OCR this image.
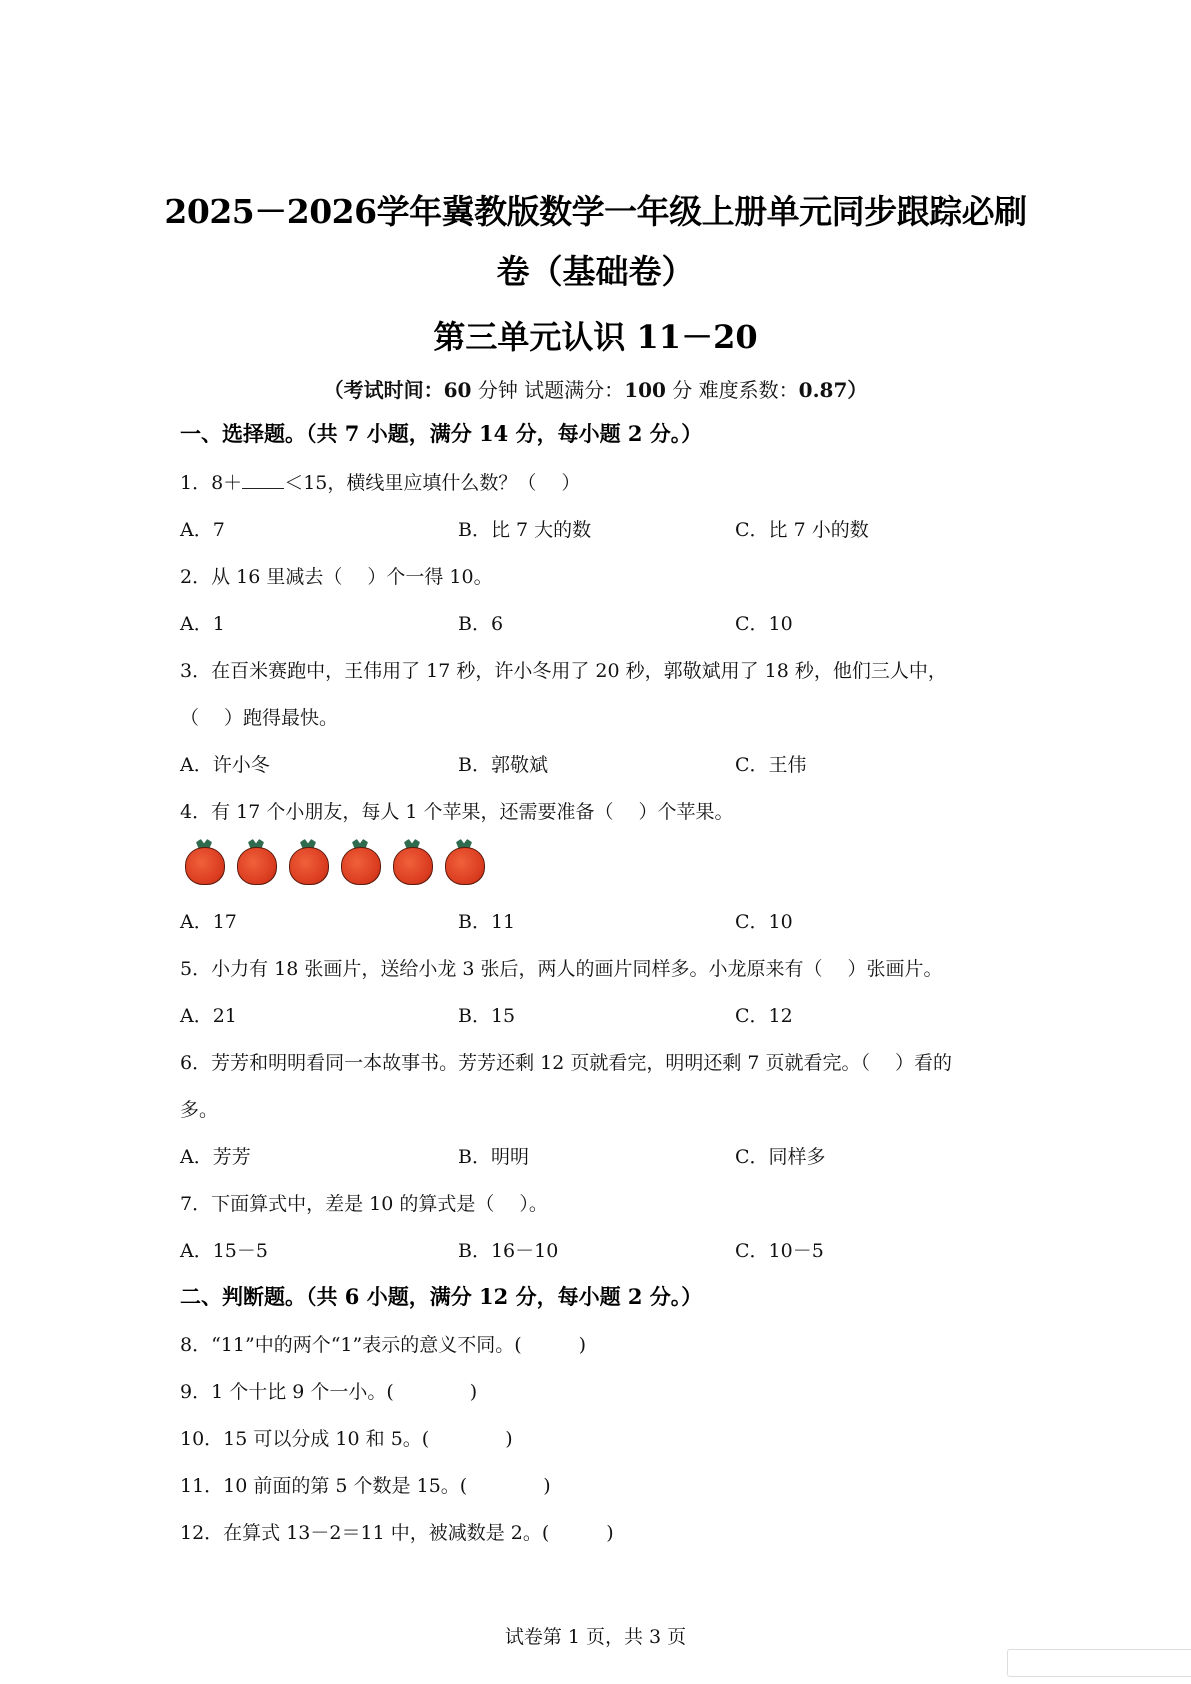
2025－2026学年冀教版数学一年级上册单元同步跟踪必刷
卷（基础卷）
第三单元认识 11－20
（考试时间：60 分钟 试题满分：100 分 难度系数：0.87）
一、选择题。（共 7 小题，满分 14 分，每小题 2 分。）
1．8＋ ＜15，横线里应填什么数？（　 ）
A．7	B．比 7 大的数	C．比 7 小的数
2．从 16 里减去（　 ）个一得 10。
A．1	B．6	C．10
3．在百米赛跑中，王伟用了 17 秒，许小冬用了 20 秒，郭敬斌用了 18 秒，他们三人中，
（　 ）跑得最快。
A．许小冬	B．郭敬斌	C．王伟
4．有 17 个小朋友，每人 1 个苹果，还需要准备（　 ）个苹果。
A．17	B．11	C．10
5．小力有 18 张画片，送给小龙 3 张后，两人的画片同样多。小龙原来有（　 ）张画片。
A．21	B．15	C．12
6．芳芳和明明看同一本故事书。芳芳还剩 12 页就看完，明明还剩 7 页就看完。（　 ）看的
多。
A．芳芳	B．明明	C．同样多
7．下面算式中，差是 10 的算式是（　 ）。
A．15－5	B．16－10	C．10－5
二、判断题。（共 6 小题，满分 12 分，每小题 2 分。）
8．“11”中的两个“1”表示的意义不同。(　　　)
9．1 个十比 9 个一小。(　　　　)
10．15 可以分成 10 和 5。(　　　　)
11．10 前面的第 5 个数是 15。(　　　　)
12．在算式 13－2＝11 中，被减数是 2。(　　　)
试卷第 1 页，共 3 页
